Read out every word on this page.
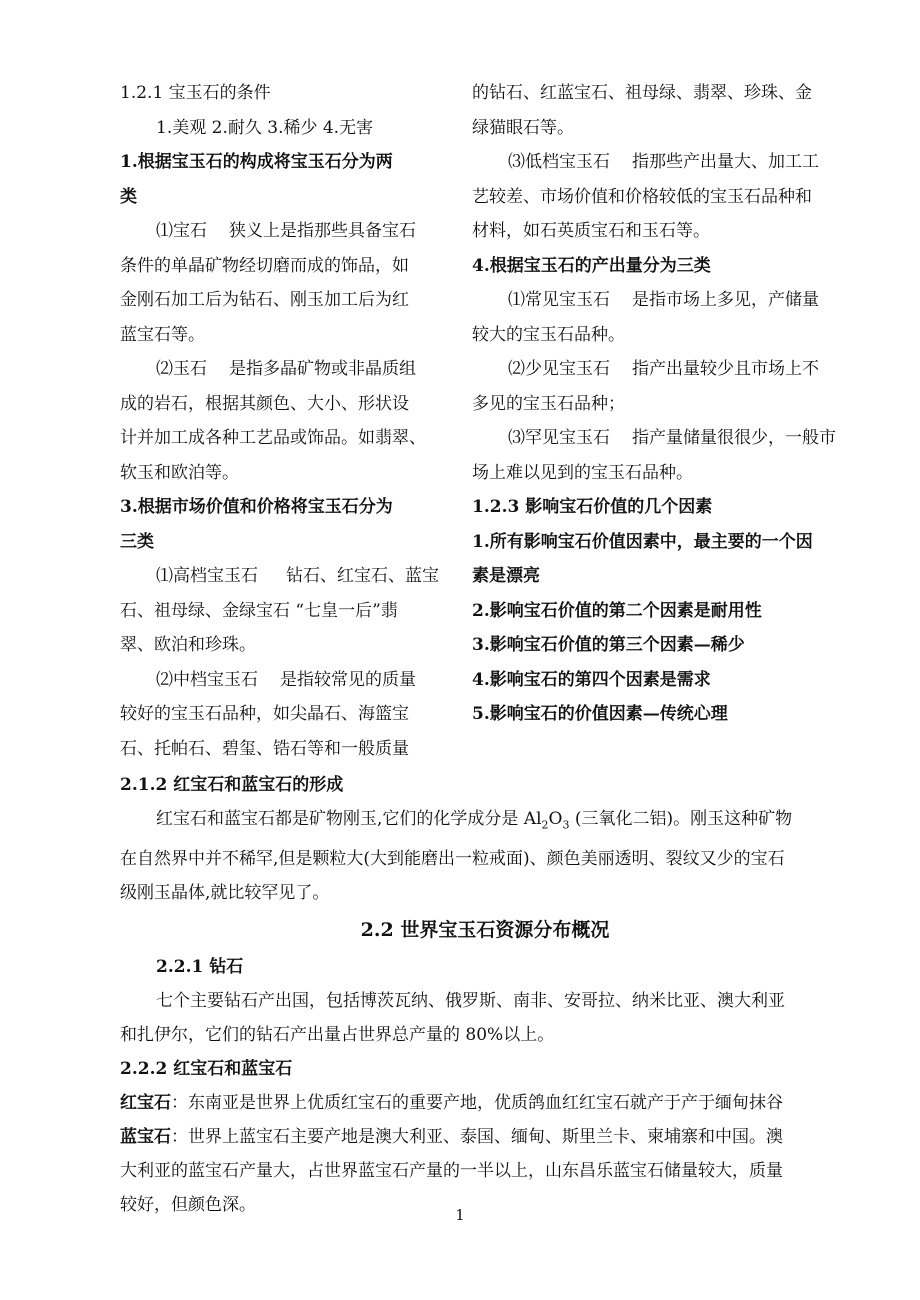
1.2.1 宝玉石的条件

1.美观 2.耐久 3.稀少 4.无害

1.根据宝玉石的构成将宝玉石分为两

类

⑴宝石 狭义上是指那些具备宝石

条件的单晶矿物经切磨而成的饰品，如

金刚石加工后为钻石、刚玉加工后为红

蓝宝石等。

⑵玉石 是指多晶矿物或非晶质组

成的岩石，根据其颜色、大小、形状设

计并加工成各种工艺品或饰品。如翡翠、

软玉和欧泊等。

3.根据市场价值和价格将宝玉石分为

三类

⑴高档宝玉石 钻石、红宝石、蓝宝

石、祖母绿、金绿宝石 “七皇一后”翡

翠、欧泊和珍珠。

⑵中档宝玉石 是指较常见的质量

较好的宝玉石品种，如尖晶石、海篮宝

石、托帕石、碧玺、锆石等和一般质量

的钻石、红蓝宝石、祖母绿、翡翠、珍珠、金

绿猫眼石等。

⑶低档宝玉石 指那些产出量大、加工工

艺较差、市场价值和价格较低的宝玉石品种和

材料，如石英质宝石和玉石等。

4.根据宝玉石的产出量分为三类

⑴常见宝玉石 是指市场上多见，产储量

较大的宝玉石品种。

⑵少见宝玉石 指产出量较少且市场上不

多见的宝玉石品种；

⑶罕见宝玉石 指产量储量很很少，一般市

场上难以见到的宝玉石品种。

1.2.3 影响宝石价值的几个因素

1.所有影响宝石价值因素中，最主要的一个因

素是漂亮

2.影响宝石价值的第二个因素是耐用性

3.影响宝石价值的第三个因素—稀少

4.影响宝石的第四个因素是需求

5.影响宝石的价值因素—传统心理

2.1.2 红宝石和蓝宝石的形成

红宝石和蓝宝石都是矿物刚玉,它们的化学成分是 $Al_2O_3$ (三氧化二铝)。刚玉这种矿物

在自然界中并不稀罕,但是颗粒大(大到能磨出一粒戒面)、颜色美丽透明、裂纹又少的宝石

级刚玉晶体,就比较罕见了。

2.2 世界宝玉石资源分布概况

2.2.1 钻石

七个主要钻石产出国，包括博茨瓦纳、俄罗斯、南非、安哥拉、纳米比亚、澳大利亚

和扎伊尔，它们的钻石产出量占世界总产量的 80%以上。

2.2.2 红宝石和蓝宝石

红宝石：东南亚是世界上优质红宝石的重要产地，优质鸽血红红宝石就产于产于缅甸抹谷

蓝宝石：世界上蓝宝石主要产地是澳大利亚、泰国、缅甸、斯里兰卡、柬埔寨和中国。澳

大利亚的蓝宝石产量大，占世界蓝宝石产量的一半以上，山东昌乐蓝宝石储量较大，质量

较好，但颜色深。	1
